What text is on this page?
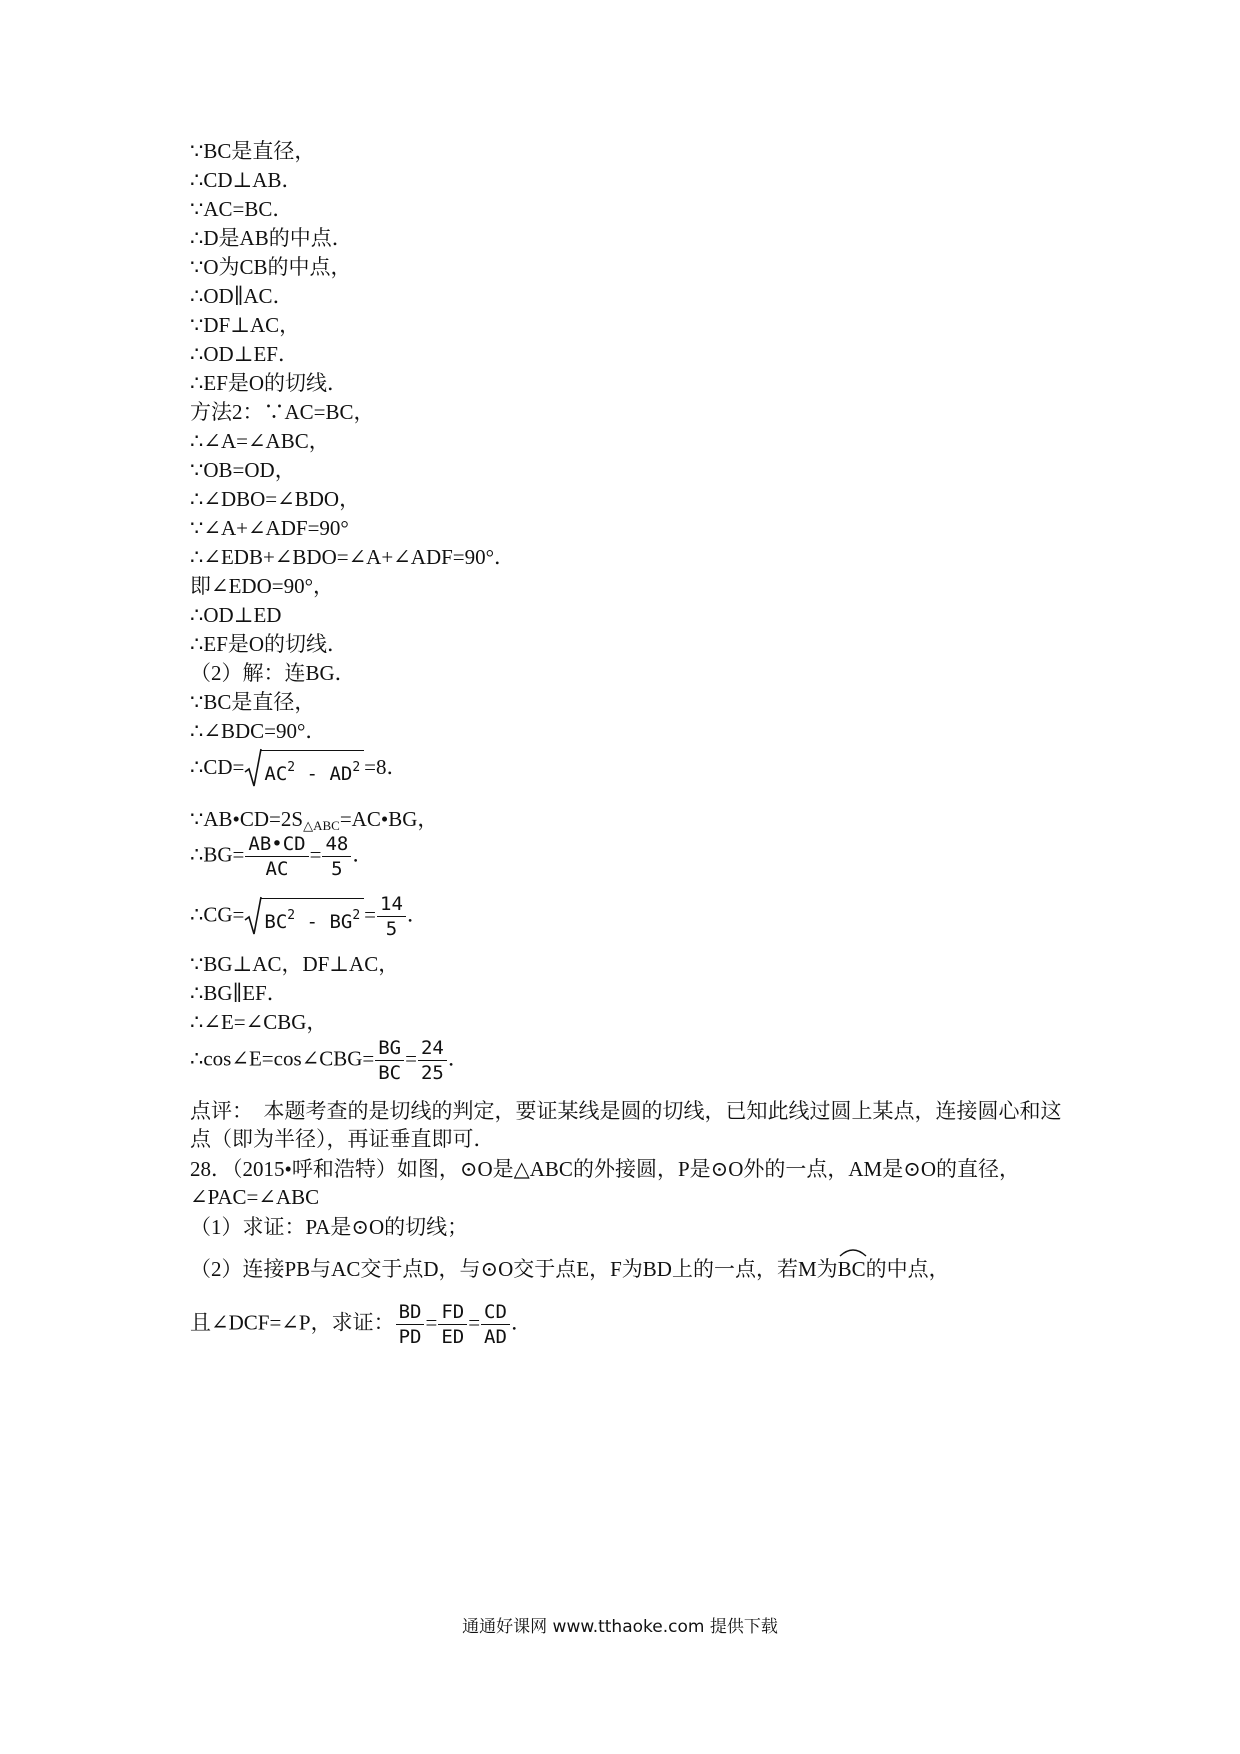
∵BC是直径，
∴CD⊥AB．
∵AC=BC．
∴D是AB的中点．
∵O为CB的中点，
∴OD∥AC．
∵DF⊥AC，
∴OD⊥EF．
∴EF是O的切线．
方法2：∵AC=BC，
∴∠A=∠ABC，
∵OB=OD，
∴∠DBO=∠BDO，
∵∠A+∠ADF=90°
∴∠EDB+∠BDO=∠A+∠ADF=90°．
即∠EDO=90°，
∴OD⊥ED
∴EF是O的切线．
（2）解：连BG．
∵BC是直径，
∴∠BDC=90°．
∴CD= $AC^2 - AD^2 =8$．
$\because AB•CD=2S_{\triangle ABC}=AC•BG$，
∴BG= $\frac{AB•CD}{AC} = \frac{48}{5}$ ．
∴CG= $BC^2 - BG^2 = \frac{14}{5}$ ．
∵BG⊥AC，DF⊥AC，
∴BG∥EF．
∴∠E=∠CBG，
∴cos∠E=cos∠CBG= $\frac{BG}{BC} = \frac{24}{25}$ ．
点评：　本题考查的是切线的判定，要证某线是圆的切线，已知此线过圆上某点，连接圆心和这点（即为半径），再证垂直即可．
28．（2015•呼和浩特）如图，⊙O是△ABC的外接圆，P是⊙O外的一点，AM是⊙O的直径，∠PAC=∠ABC
（1）求证：PA是⊙O的切线；
（2）连接PB与AC交于点D，与⊙O交于点E，F为BD上的一点，若M为
BC的中点，
且∠DCF=∠P，求证： $\frac{BD}{PD} = \frac{FD}{ED} = \frac{CD}{AD}$ ．
通通好课网 www.tthaoke.com 提供下载
